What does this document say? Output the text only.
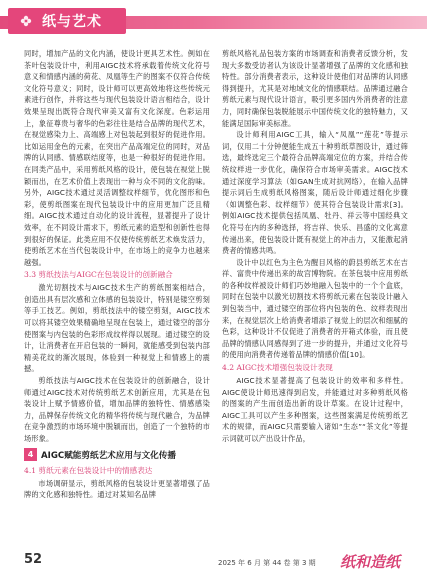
纸与艺术

同时，增加产品的文化内涵，使设计更具艺术性。例如在茶叶包装设计中，利用AIGC技术将承载着传统文化符号意义和情感内涵的荷花、凤凰等生产的图案不仅符合传统文化符号意义；同时，设计师可以更高效地将这些传统元素进行创作，并将这些与现代包装设计语言相结合，设计效果呈现出既符合现代审美又富有文化深度。色彩运用上，象征尊贵与奢华的色彩往往是结合品牌的现代艺术，在视觉感染力上、高端感上对包装起到很好的促进作用。比如运用金色的元素，在突出产品高端定位的同时，对品牌的认同感、情感联结度等，也是一种很好的促进作用。在同类产品中，采用剪纸风格的设计，使包装在视觉上脱颖而出，在艺术价值上表现出一种与众不同的文化韵味。另外，AIGC技术通过灵活调整纹样细节，优化图形和色彩，使剪纸图案在现代包装设计中的应用更加广泛且精细。AIGC技术通过自动化的设计流程，显著提升了设计效率，在不同设计需求下，剪纸元素的造型和创新性也得到很好的保证。此类应用不仅使传统剪纸艺术焕发活力，使剪纸艺术在当代包装设计中，在市场上的竞争力也越来越强。

3.3 剪纸技法与AIGC在包装设计的创新融合

激光切割技术与AIGC技术生产的剪纸图案相结合，创造出具有层次感和立体感的包装设计，特别是镂空剪刻等手工技艺。例如，剪纸技法中的镂空剪刻，AIGC技术可以将其镂空效果精确地呈现在包装上，通过镂空的部分使图案与内包装的色彩形成纹样得以展现。通过镂空的设计，让消费者在开启包装的一瞬间，就能感受到包装内部精美花纹的渐次展现，体验到一种视觉上和情感上的震撼。

剪纸技法与AIGC技术在包装设计的创新融合，设计师通过AIGC技术对传统剪纸艺术创新应用，尤其是在包装设计上赋予情感价值，增加品牌的独特性、情感感染力，品牌保存传统文化的精华将传统与现代融合，为品牌在竞争激烈的市场环境中脱颖而出，创造了一个独特的市场形象。

4 AIGC赋能剪纸艺术应用与文化传播
4.1 剪纸元素在包装设计中的情感表达

市场调研显示，剪纸风格的包装设计更显著增强了品牌的文化感和独特性。通过对某知名品牌

剪纸风格礼品包装方案的市场调查和消费者反馈分析，发现大多数受访者认为该设计显著增强了品牌的文化感和独特性。部分消费者表示，这种设计使他们对品牌的认同感得到提升，尤其是对地域文化的情感联结。品牌通过融合剪纸元素与现代设计语言，吸引更多国内外消费者的注意力，同时确保包装脱能展示中国传统文化的独特魅力，又能满足国际审美标准。

设计师利用AIGC工具，输入“凤凰”“莲花”等提示词，仅用二十分钟便能生成五十种剪纸草图设计，通过筛选，最终选定三个最符合品牌高端定位的方案，并结合传统纹样进一步优化，确保符合市场审美需求。AIGC技术通过深度学习算法（如GAN生成对抗网络），在输入品牌提示词后生成剪纸风格图案，随后设计师通过细化步骤（如调整色彩、纹样细节）使其符合包装设计需求[3]。例如AIGC技术提供包括凤凰、牡丹、祥云等中国经典文化符号在内的多种选择，将吉祥、快乐、昌盛的文化寓意传递出来，使包装设计既有视觉上的冲击力，又能激起消费者的情感共鸣。

设计中以红色为主色为醒目风格的蔚县剪纸艺术在吉祥、富贵中传递出来的故宫博物院。在茶包装中应用剪纸的各种纹样被设计师们巧妙地融入包装中的一个个盒底，同时在包装中以激光切割技术将剪纸元素在包装设计融入到包装当中，通过镂空的部位将内包装的色、纹样表现出来，在视觉层次上给消费者增添了视觉上的层次和细腻的色彩，这种设计不仅促进了消费者的开箱式体验，而且使品牌的情感认同感得到了进一步的提升，并通过文化符号的使用向消费者传递着品牌的情感价值[10]。

4.2 AIGC技术增强包装设计表现

AIGC技术显著提高了包装设计的效率和多样性。AIGC使设计师迅速得到启发，并能通过对多种剪纸风格的图案的产生而创造出新的设计草案。在设计过程中，AIGC工具可以产生多种图案，这些图案满足传统剪纸艺术的规律，而AIGC只需要输入诸如“生态”“茶文化”等提示词就可以产出设计作品，

52	2025 年 6 月 第 44 卷 第 3 期 纸和造纸
